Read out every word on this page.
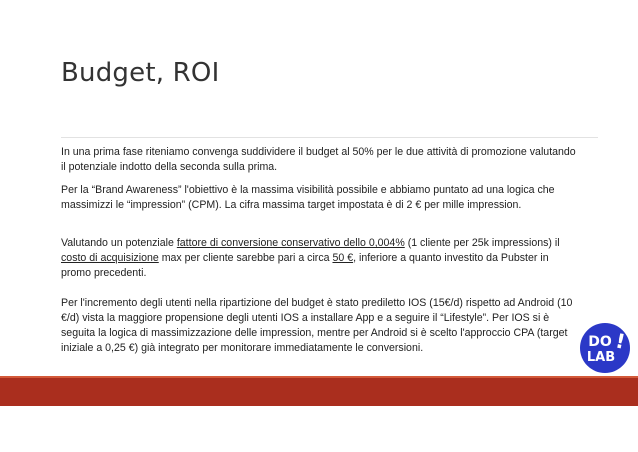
Budget, ROI
In una prima fase riteniamo convenga suddividere il budget al 50% per le due attività di promozione valutando il potenziale indotto della seconda sulla prima.
Per la “Brand Awareness” l'obiettivo è la massima visibilità possibile e abbiamo puntato ad una logica che massimizzi le “impression” (CPM). La cifra massima target impostata è di 2 € per mille impression.
Valutando un potenziale fattore di conversione conservativo dello 0,004% (1 cliente per 25k impressions) il costo di acquisizione max per cliente sarebbe pari a circa 50 €, inferiore a quanto investito da Pubster in promo precedenti.
Per l'incremento degli utenti nella ripartizione del budget è stato prediletto IOS (15€/d) rispetto ad Android (10 €/d) vista la maggiore propensione degli utenti IOS a installare App e a seguire il “Lifestyle”. Per IOS si è seguita la logica di massimizzazione delle impression, mentre per Android si è scelto l'approccio CPA (target iniziale a 0,25 €) già integrato per monitorare immediatamente le conversioni.	DO
LAB
!
